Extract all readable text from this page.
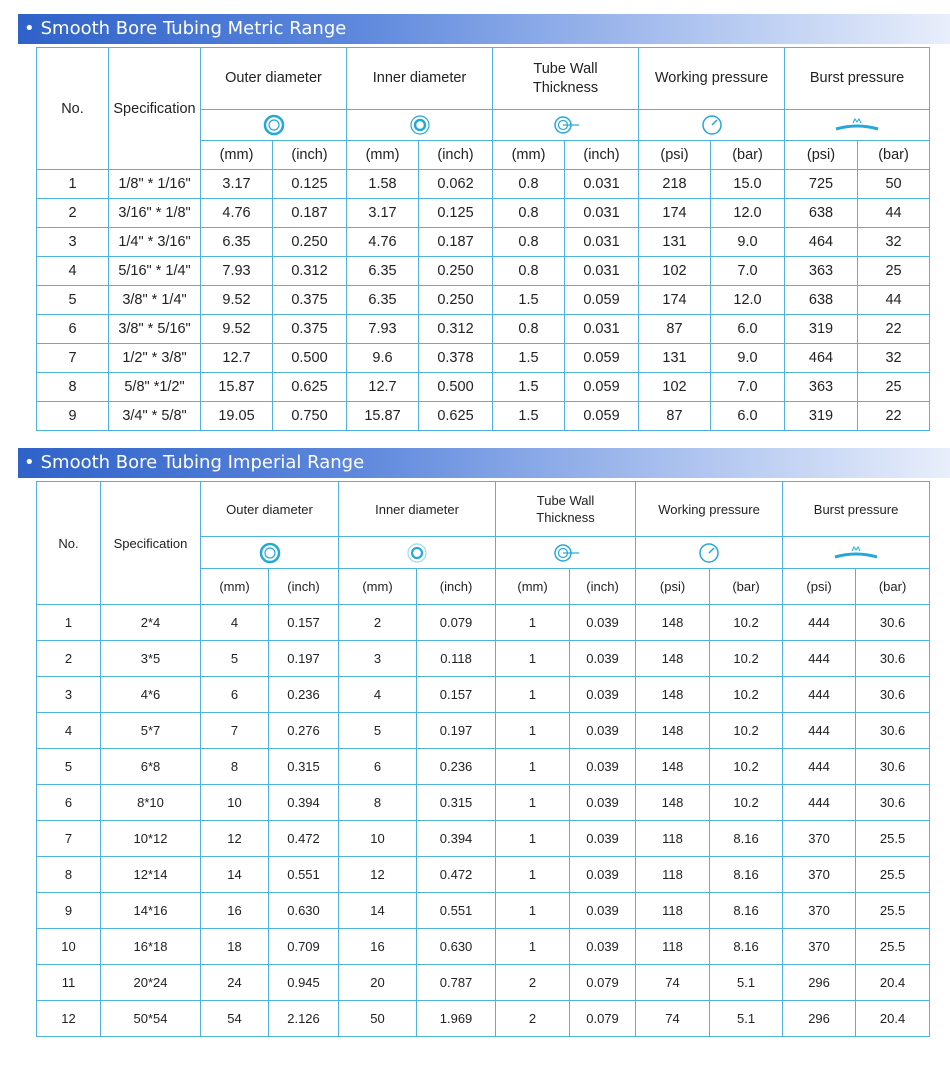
• Smooth Bore Tubing Metric Range
No.	Specification	Outer diameter		Inner diameter		Tube Wall Thickness		Working pressure		Burst pressure	

		(mm)	(inch)	(mm)	(inch)	(mm)	(inch)	(psi)	(bar)	(psi)	(bar)
1	1/8" * 1/16"	3.17	0.125	1.58	0.062	0.8	0.031	218	15.0	725	50
2	3/16" * 1/8"	4.76	0.187	3.17	0.125	0.8	0.031	174	12.0	638	44
3	1/4" * 3/16"	6.35	0.250	4.76	0.187	0.8	0.031	131	9.0	464	32
4	5/16" * 1/4"	7.93	0.312	6.35	0.250	0.8	0.031	102	7.0	363	25
5	3/8" * 1/4"	9.52	0.375	6.35	0.250	1.5	0.059	174	12.0	638	44
6	3/8" * 5/16"	9.52	0.375	7.93	0.312	0.8	0.031	87	6.0	319	22
7	1/2" * 3/8"	12.7	0.500	9.6	0.378	1.5	0.059	131	9.0	464	32
8	5/8" *1/2"	15.87	0.625	12.7	0.500	1.5	0.059	102	7.0	363	25
9	3/4" * 5/8"	19.05	0.750	15.87	0.625	1.5	0.059	87	6.0	319	22
• Smooth Bore Tubing Imperial Range
No.	Specification	Outer diameter		Inner diameter		Tube Wall Thickness		Working pressure		Burst pressure	

		(mm)	(inch)	(mm)	(inch)	(mm)	(inch)	(psi)	(bar)	(psi)	(bar)
1	2*4	4	0.157	2	0.079	1	0.039	148	10.2	444	30.6
2	3*5	5	0.197	3	0.118	1	0.039	148	10.2	444	30.6
3	4*6	6	0.236	4	0.157	1	0.039	148	10.2	444	30.6
4	5*7	7	0.276	5	0.197	1	0.039	148	10.2	444	30.6
5	6*8	8	0.315	6	0.236	1	0.039	148	10.2	444	30.6
6	8*10	10	0.394	8	0.315	1	0.039	148	10.2	444	30.6
7	10*12	12	0.472	10	0.394	1	0.039	118	8.16	370	25.5
8	12*14	14	0.551	12	0.472	1	0.039	118	8.16	370	25.5
9	14*16	16	0.630	14	0.551	1	0.039	118	8.16	370	25.5
10	16*18	18	0.709	16	0.630	1	0.039	118	8.16	370	25.5
11	20*24	24	0.945	20	0.787	2	0.079	74	5.1	296	20.4
12	50*54	54	2.126	50	1.969	2	0.079	74	5.1	296	20.4
